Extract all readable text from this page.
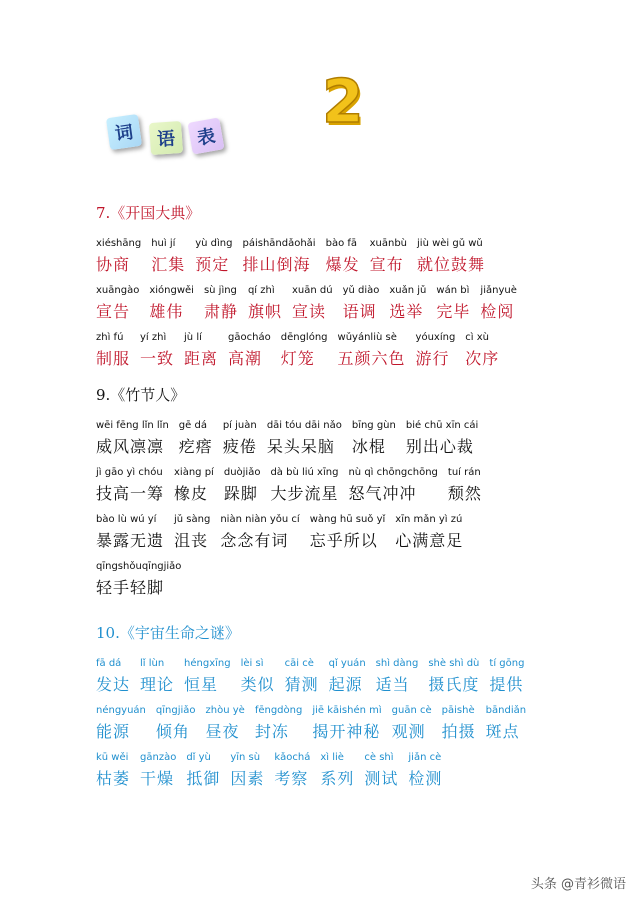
2
词	语	表

7.《开国大典》

xiéshāng
协商
huì jí
汇集
yù dìng
预定
páishāndǎohǎi
排山倒海
bào fā
爆发
xuānbù
宣布
jiù wèi gǔ wǔ
就位鼓舞
xuāngào
宣告
xióngwěi
雄伟
sù jìng
肃静
qí zhì
旗帜
xuān dú
宣读
yǔ diào
语调
xuǎn jǔ
选举
wán bì
完毕
jiǎnyuè
检阅
zhì fú
制服
yí zhì
一致
jù lí
距离
gāocháo
高潮
dēnglóng
灯笼
wǔyánliù sè
五颜六色
yóuxíng
游行
cì xù
次序

9.《竹节人》

wēi fēng lǐn lǐn
威风凛凛
gē dá
疙瘩
pí juàn
疲倦
dāi tóu dāi nǎo
呆头呆脑
bīng gùn
冰棍
bié chū xīn cái
别出心裁
jì gāo yì chóu
技高一筹
xiàng pí
橡皮
duòjiǎo
跺脚
dà bù liú xīng
大步流星
nù qì chōngchōng
怒气冲冲
tuí rán
颓然
bào lù wú yí
暴露无遗
jǔ sàng
沮丧
niàn niàn yǒu cí
念念有词
wàng hū suǒ yǐ
忘乎所以
xīn mǎn yì zú
心满意足
qīngshǒuqīngjiǎo
轻手轻脚

10.《宇宙生命之谜》

fā dá
发达
lǐ lùn
理论
héngxīng
恒星
lèi sì
类似
cāi cè
猜测
qǐ yuán
起源
shì dàng
适当
shè shì dù
摄氏度
tí gōng
提供
néngyuán
能源
qīngjiǎo
倾角
zhòu yè
昼夜
fēngdòng
封冻
jiē kāishén mì
揭开神秘
guān cè
观测
pāishè
拍摄
bāndiǎn
斑点
kū wěi
枯萎
gānzào
干燥
dǐ yù
抵御
yīn sù
因素
kǎochá
考察
xì liè
系列
cè shì
测试
jiǎn cè
检测
头条 @青衫微语
